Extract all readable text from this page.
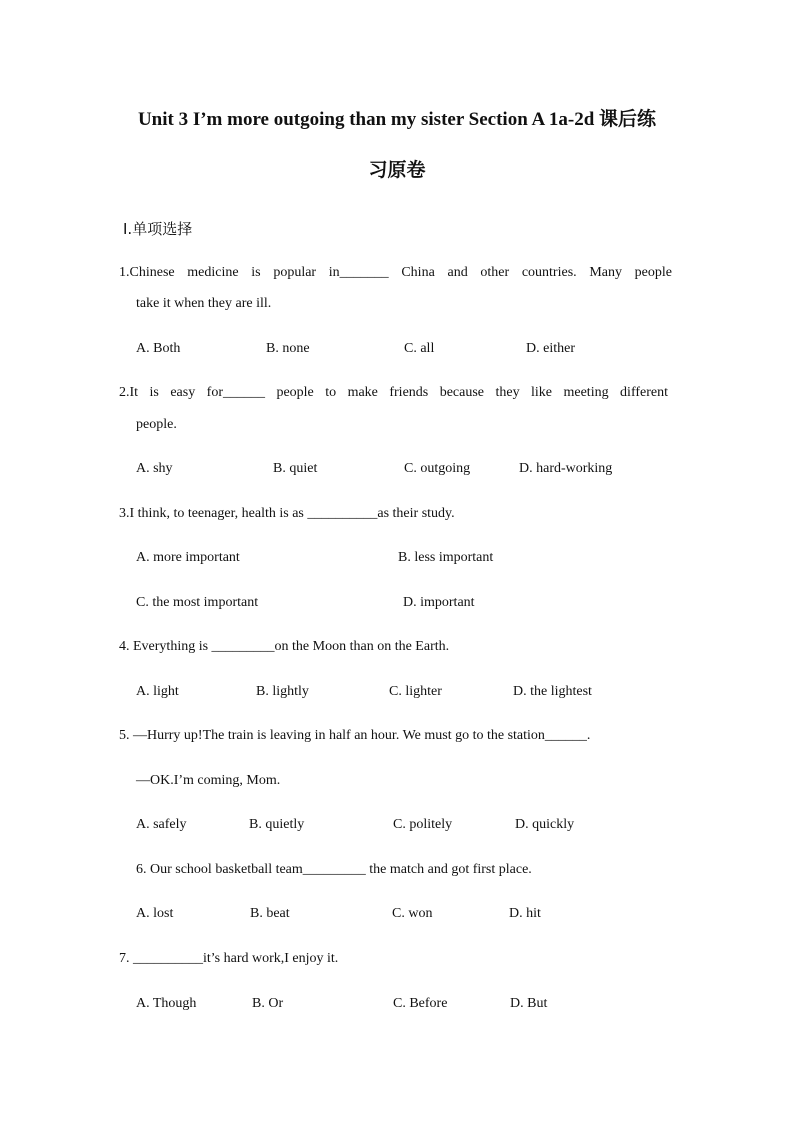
Unit 3 I’m more outgoing than my sister Section A 1a-2d 课后练
习原卷
Ⅰ.单项选择
1.Chinese medicine is popular in_______ China and other countries. Many people
take it when they are ill.
A. Both	B. none	C. all	D. either
2.It is easy for______ people to make friends because they like meeting different
people.
A. shy	B. quiet	C. outgoing	D. hard-working
3.I think, to teenager, health is as __________as their study.
A. more important	B. less important
C. the most important	D. important
4. Everything is _________on the Moon than on the Earth.
A. light	B. lightly	C. lighter	D. the lightest
5. —Hurry up!The train is leaving in half an hour. We must go to the station______.
—OK.I’m coming, Mom.
A. safely	B. quietly	C. politely	D. quickly
6. Our school basketball team_________ the match and got first place.
A. lost	B. beat	C. won	D. hit
7. __________it’s hard work,I enjoy it.
A. Though	B. Or	C. Before	D. But
